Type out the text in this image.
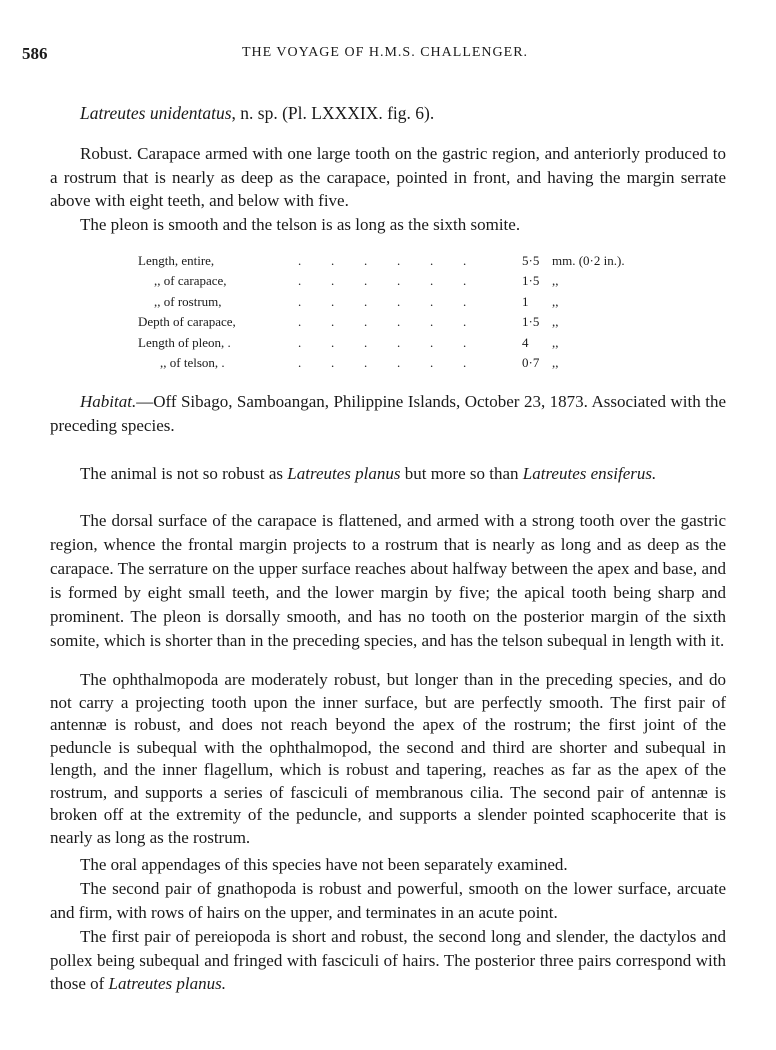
586	THE VOYAGE OF H.M.S. CHALLENGER.
Latreutes unidentatus, n. sp. (Pl. LXXXIX. fig. 6).

Robust. Carapace armed with one large tooth on the gastric region, and anteriorly produced to a rostrum that is nearly as deep as the carapace, pointed in front, and having the margin serrate above with eight teeth, and below with five.

The pleon is smooth and the telson is as long as the sixth somite.

Length, entire,	. . . . . .	5·5 mm. (0·2 in.).
,, of carapace,	. . . . . .	1·5 ,,
,, of rostrum,	. . . . . .	1 ,,
Depth of carapace,	. . . . . .	1·5 ,,
Length of pleon, .	. . . . . .	4 ,,
,, of telson, .	. . . . . .	0·7 ,,

Habitat.—Off Sibago, Samboangan, Philippine Islands, October 23, 1873. Associated with the preceding species.

The animal is not so robust as Latreutes planus but more so than Latreutes ensiferus.

The dorsal surface of the carapace is flattened, and armed with a strong tooth over the gastric region, whence the frontal margin projects to a rostrum that is nearly as long and as deep as the carapace. The serrature on the upper surface reaches about halfway between the apex and base, and is formed by eight small teeth, and the lower margin by five; the apical tooth being sharp and prominent. The pleon is dorsally smooth, and has no tooth on the posterior margin of the sixth somite, which is shorter than in the preceding species, and has the telson subequal in length with it.

The ophthalmopoda are moderately robust, but longer than in the preceding species, and do not carry a projecting tooth upon the inner surface, but are perfectly smooth. The first pair of antennæ is robust, and does not reach beyond the apex of the rostrum; the first joint of the peduncle is subequal with the ophthalmopod, the second and third are shorter and subequal in length, and the inner flagellum, which is robust and tapering, reaches as far as the apex of the rostrum, and supports a series of fasciculi of membranous cilia. The second pair of antennæ is broken off at the extremity of the peduncle, and supports a slender pointed scaphocerite that is nearly as long as the rostrum.

The oral appendages of this species have not been separately examined.

The second pair of gnathopoda is robust and powerful, smooth on the lower surface, arcuate and firm, with rows of hairs on the upper, and terminates in an acute point.

The first pair of pereiopoda is short and robust, the second long and slender, the dactylos and pollex being subequal and fringed with fasciculi of hairs. The posterior three pairs correspond with those of Latreutes planus.
